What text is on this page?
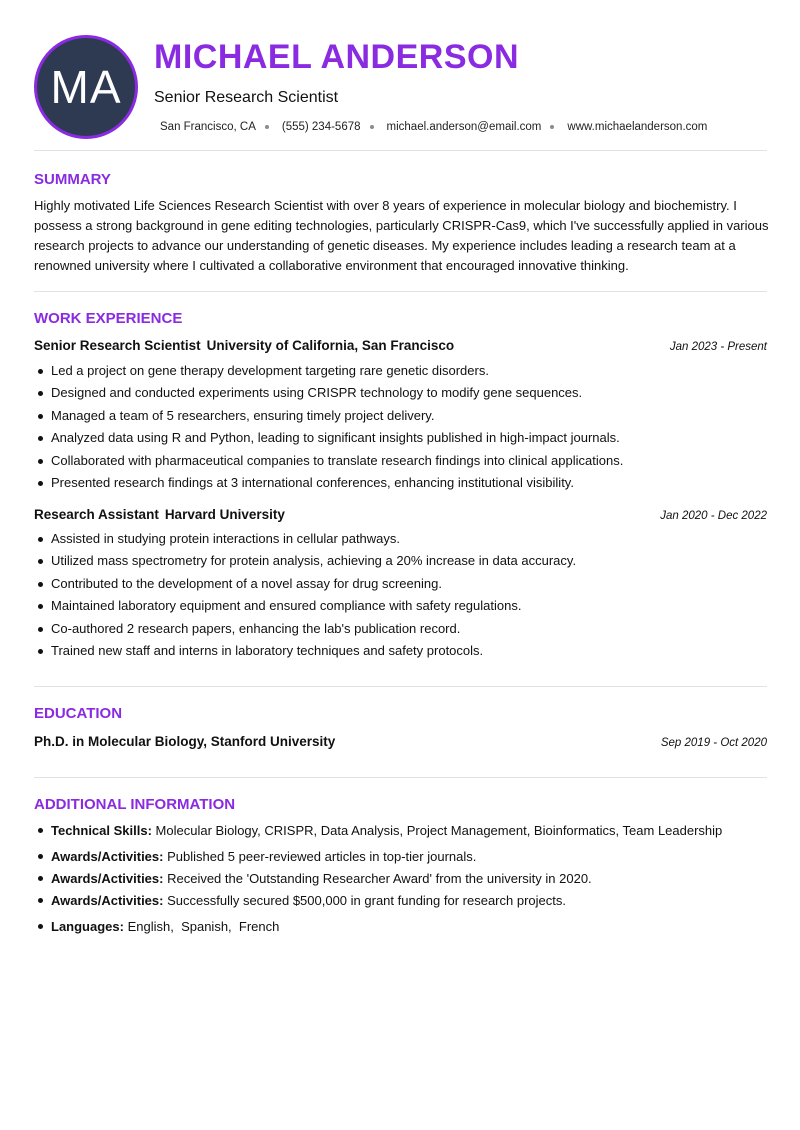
MA
MICHAEL ANDERSON
Senior Research Scientist
San Francisco, CA (555) 234-5678 michael.anderson@email.com www.michaelanderson.com
SUMMARY
Highly motivated Life Sciences Research Scientist with over 8 years of experience in molecular biology and biochemistry. I possess a strong background in gene editing technologies, particularly CRISPR-Cas9, which I've successfully applied in various research projects to advance our understanding of genetic diseases. My experience includes leading a research team at a renowned university where I cultivated a collaborative environment that encouraged innovative thinking.
WORK EXPERIENCE
Senior Research Scientist University of California, San Francisco	Jan 2023 - Present
Led a project on gene therapy development targeting rare genetic disorders.
Designed and conducted experiments using CRISPR technology to modify gene sequences.
Managed a team of 5 researchers, ensuring timely project delivery.
Analyzed data using R and Python, leading to significant insights published in high-impact journals.
Collaborated with pharmaceutical companies to translate research findings into clinical applications.
Presented research findings at 3 international conferences, enhancing institutional visibility.
Research Assistant Harvard University	Jan 2020 - Dec 2022
Assisted in studying protein interactions in cellular pathways.
Utilized mass spectrometry for protein analysis, achieving a 20% increase in data accuracy.
Contributed to the development of a novel assay for drug screening.
Maintained laboratory equipment and ensured compliance with safety regulations.
Co-authored 2 research papers, enhancing the lab's publication record.
Trained new staff and interns in laboratory techniques and safety protocols.
EDUCATION
Ph.D. in Molecular Biology, Stanford University	Sep 2019 - Oct 2020
ADDITIONAL INFORMATION
Technical Skills: Molecular Biology, CRISPR, Data Analysis, Project Management, Bioinformatics, Team Leadership
Awards/Activities: Published 5 peer-reviewed articles in top-tier journals.
Awards/Activities: Received the 'Outstanding Researcher Award' from the university in 2020.
Awards/Activities: Successfully secured $500,000 in grant funding for research projects.
Languages: English,  Spanish,  French
